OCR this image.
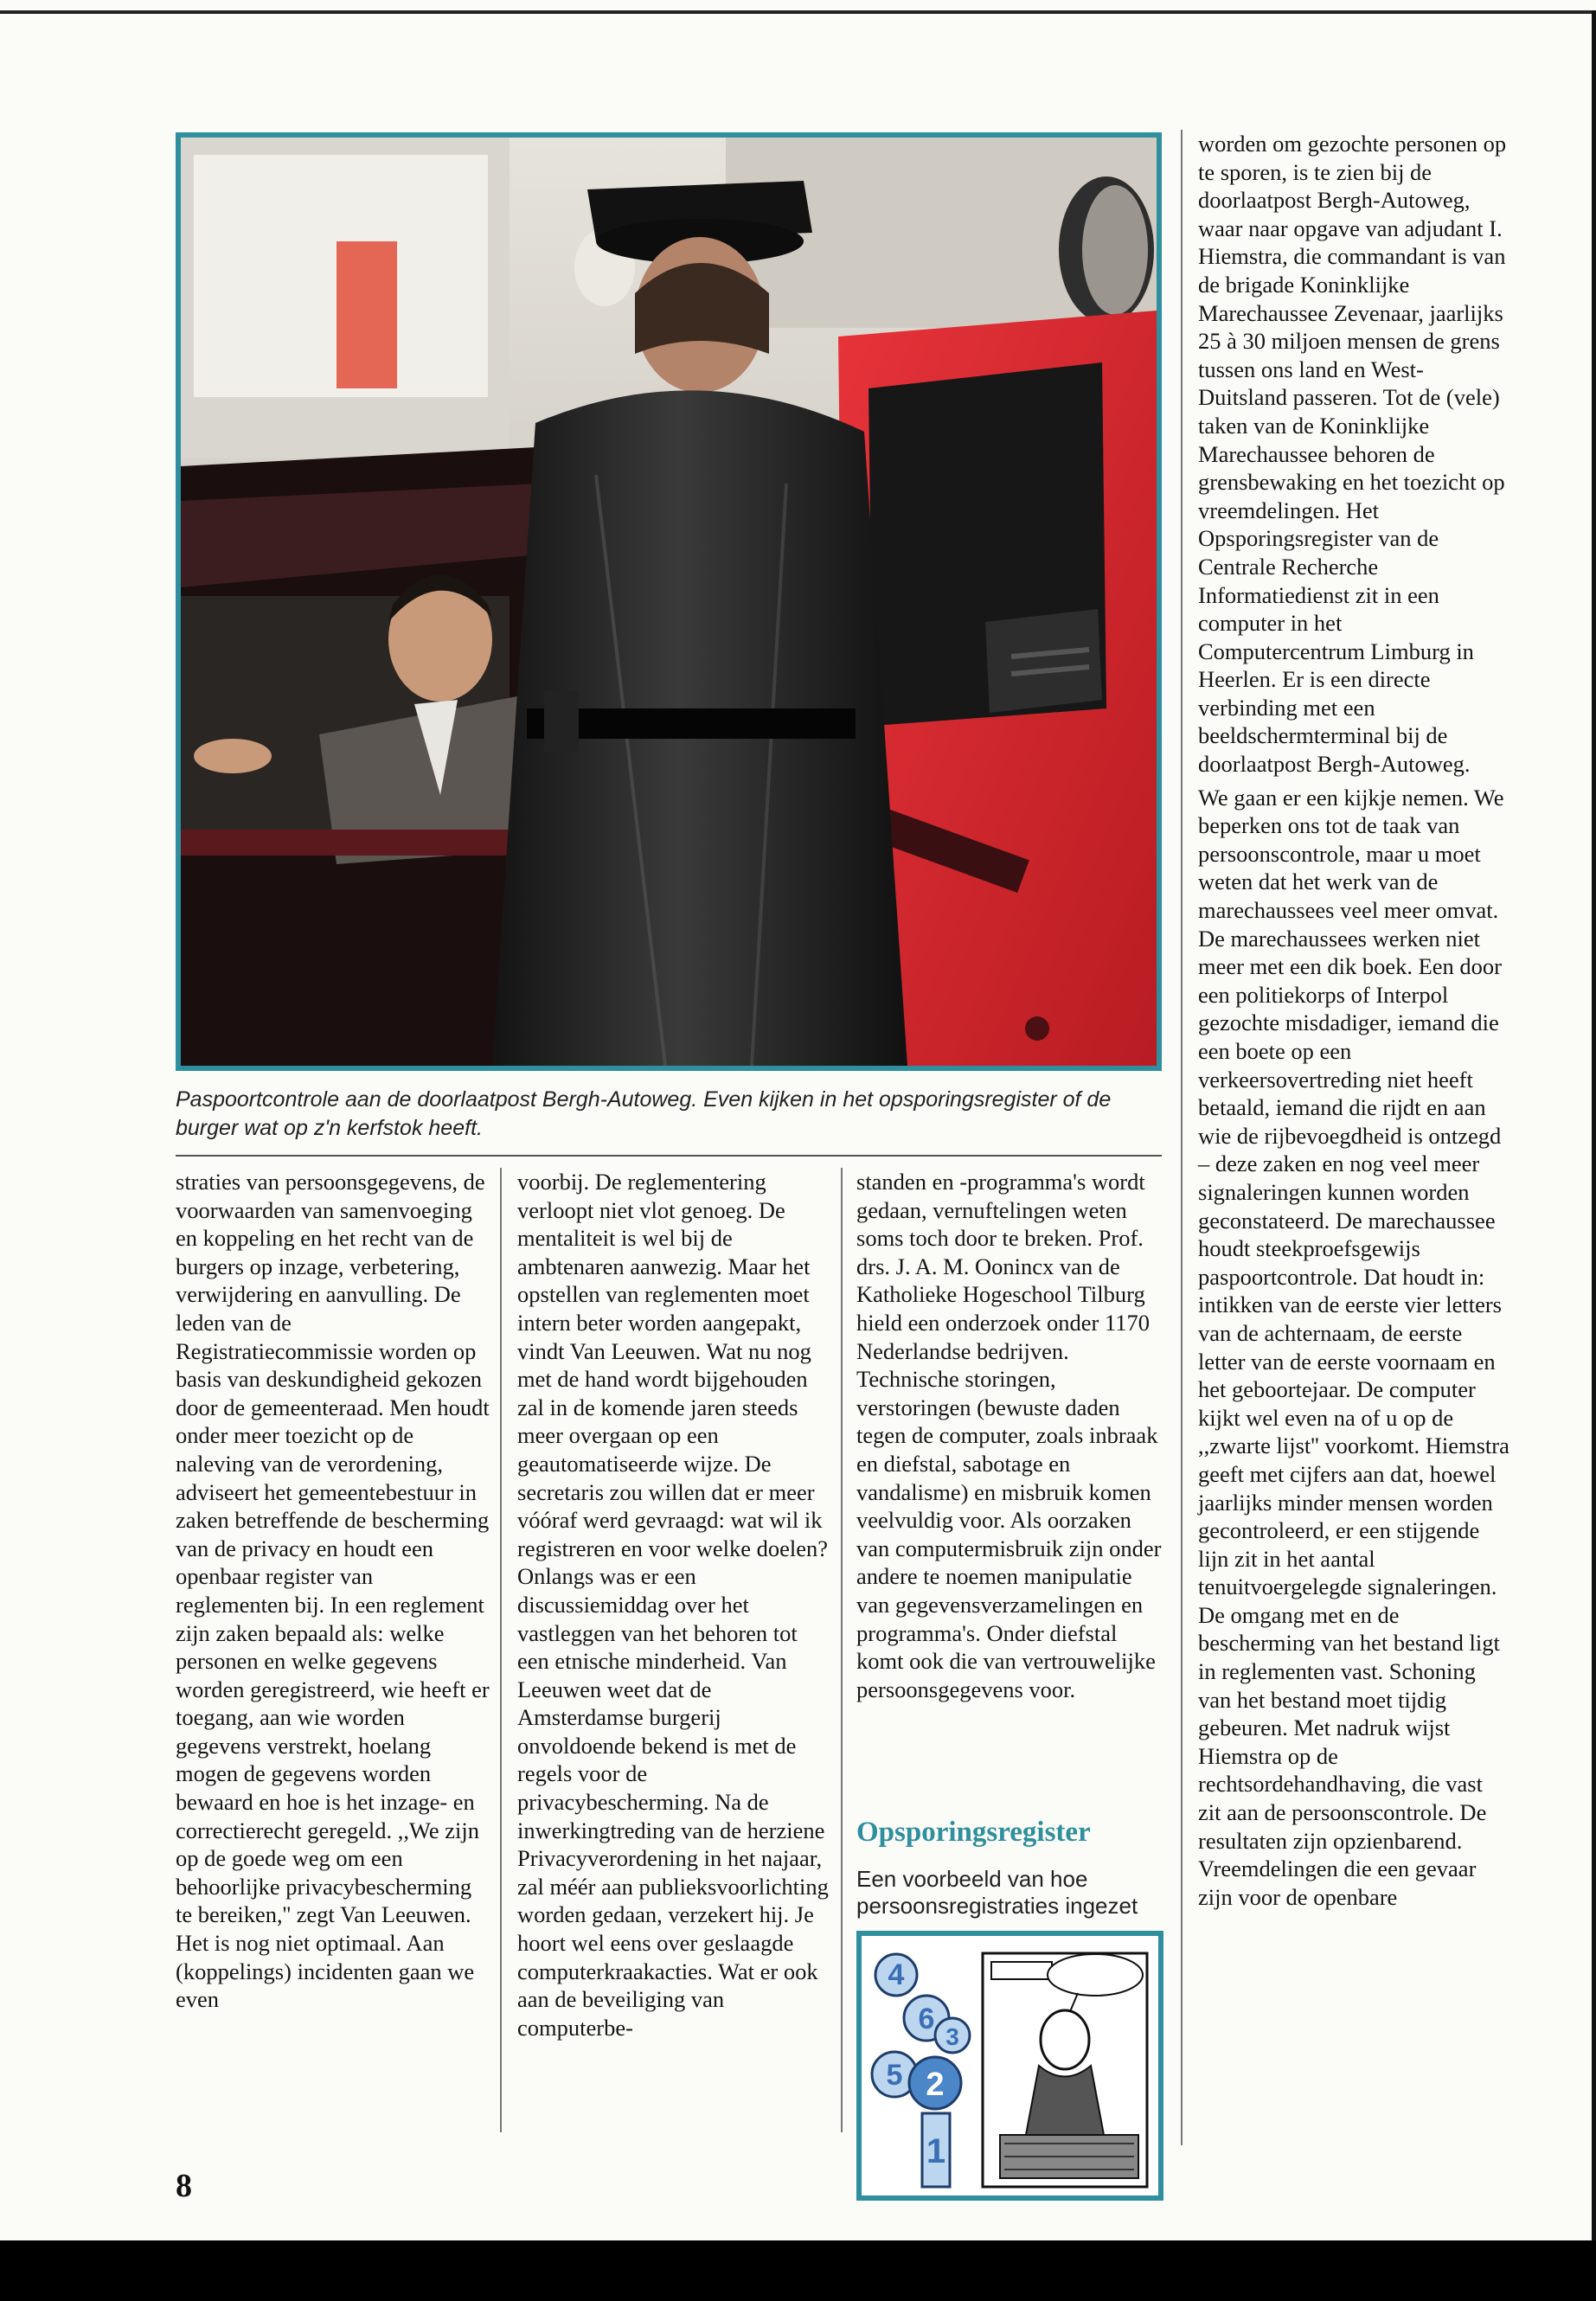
Paspoortcontrole aan de doorlaatpost Bergh-Autoweg. Even kijken in het opsporingsregister of de burger wat op z'n kerfstok heeft.

straties van persoonsgegevens, de voorwaarden van samenvoeging en koppeling en het recht van de burgers op inzage, verbetering, verwijdering en aanvulling. De leden van de Registratiecommissie worden op basis van deskundigheid gekozen door de gemeenteraad. Men houdt onder meer toezicht op de naleving van de verordening, adviseert het gemeentebestuur in zaken betreffende de bescherming van de privacy en houdt een openbaar register van reglementen bij. In een reglement zijn zaken bepaald als: welke personen en welke gegevens worden geregistreerd, wie heeft er toegang, aan wie worden gegevens verstrekt, hoelang mogen de gegevens worden bewaard en hoe is het inzage- en correctierecht geregeld. ,,We zijn op de goede weg om een behoorlijke privacybescherming te bereiken,'' zegt Van Leeuwen. Het is nog niet optimaal. Aan (koppelings) incidenten gaan we even

voorbij. De reglementering verloopt niet vlot genoeg. De mentaliteit is wel bij de ambtenaren aanwezig. Maar het opstellen van reglementen moet intern beter worden aangepakt, vindt Van Leeuwen. Wat nu nog met de hand wordt bijgehouden zal in de komende jaren steeds meer overgaan op een geautomatiseerde wijze. De secretaris zou willen dat er meer vóóraf werd gevraagd: wat wil ik registreren en voor welke doelen? Onlangs was er een discussiemiddag over het vastleggen van het behoren tot een etnische minderheid. Van Leeuwen weet dat de Amsterdamse burgerij onvoldoende bekend is met de regels voor de privacybescherming. Na de inwerkingtreding van de herziene Privacyverordening in het najaar, zal méér aan publieksvoorlichting worden gedaan, verzekert hij. Je hoort wel eens over geslaagde computerkraakacties. Wat er ook aan de beveiliging van computerbe-

standen en -programma's wordt gedaan, vernuftelingen weten soms toch door te breken. Prof. drs. J. A. M. Oonincx van de Katholieke Hogeschool Tilburg hield een onderzoek onder 1170 Nederlandse bedrijven. Technische storingen, verstoringen (bewuste daden tegen de computer, zoals inbraak en diefstal, sabotage en vandalisme) en misbruik komen veelvuldig voor. Als oorzaken van computermisbruik zijn onder andere te noemen manipulatie van gegevensverzamelingen en programma's. Onder diefstal komt ook die van vertrouwelijke persoonsgegevens voor.

Opsporingsregister

Een voorbeeld van hoe persoonsregistraties ingezet

4
6
3
5 2
1

worden om gezochte personen op te sporen, is te zien bij de doorlaatpost Bergh-Autoweg, waar naar opgave van adjudant I. Hiemstra, die commandant is van de brigade Koninklijke Marechaussee Zevenaar, jaarlijks 25 à 30 miljoen mensen de grens tussen ons land en West-Duitsland passeren. Tot de (vele) taken van de Koninklijke Marechaussee behoren de grensbewaking en het toezicht op vreemdelingen. Het Opsporingsregister van de Centrale Recherche Informatiedienst zit in een computer in het Computercentrum Limburg in Heerlen. Er is een directe verbinding met een beeldschermterminal bij de doorlaatpost Bergh-Autoweg.

We gaan er een kijkje nemen. We beperken ons tot de taak van persoonscontrole, maar u moet weten dat het werk van de marechaussees veel meer omvat. De marechaussees werken niet meer met een dik boek. Een door een politiekorps of Interpol gezochte misdadiger, iemand die een boete op een verkeersovertreding niet heeft betaald, iemand die rijdt en aan wie de rijbevoegdheid is ontzegd – deze zaken en nog veel meer signaleringen kunnen worden geconstateerd. De marechaussee houdt steekproefsgewijs paspoortcontrole. Dat houdt in: intikken van de eerste vier letters van de achternaam, de eerste letter van de eerste voornaam en het geboortejaar. De computer kijkt wel even na of u op de ,,zwarte lijst'' voorkomt. Hiemstra geeft met cijfers aan dat, hoewel jaarlijks minder mensen worden gecontroleerd, er een stijgende lijn zit in het aantal tenuitvoergelegde signaleringen. De omgang met en de bescherming van het bestand ligt in reglementen vast. Schoning van het bestand moet tijdig gebeuren. Met nadruk wijst Hiemstra op de rechtsordehandhaving, die vast zit aan de persoonscontrole. De resultaten zijn opzienbarend. Vreemdelingen die een gevaar zijn voor de openbare

8
